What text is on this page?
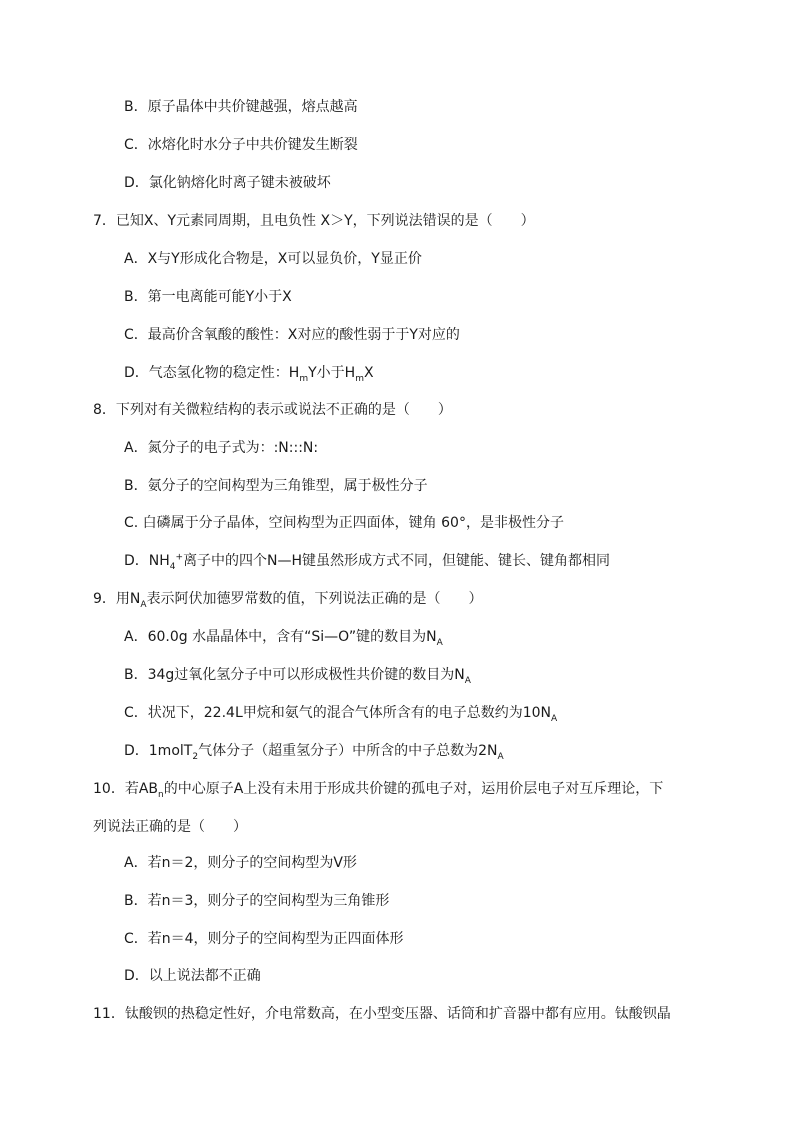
B．原子晶体中共价键越强，熔点越高
C．冰熔化时水分子中共价键发生断裂
D．氯化钠熔化时离子键未被破坏
7．已知X、Y元素同周期，且电负性 X＞Y，下列说法错误的是（　　）
A．X与Y形成化合物是，X可以显负价，Y显正价
B．第一电离能可能Y小于X
C．最高价含氧酸的酸性：X对应的酸性弱于于Y对应的
D．气态氢化物的稳定性：$H_mY$小于$H_mX$
8．下列对有关微粒结构的表示或说法不正确的是（　　）
A．氮分子的电子式为：:N:::N:
B．氨分子的空间构型为三角锥型，属于极性分子
C. 白磷属于分子晶体，空间构型为正四面体，键角 60°，是非极性分子
D．$NH_4^+$离子中的四个N—H键虽然形成方式不同，但键能、键长、键角都相同
9．用$N_A$表示阿伏加德罗常数的值，下列说法正确的是（　　）
A．60.0g 水晶晶体中，含有“Si—O”键的数目为$N_A$
B．34g过氧化氢分子中可以形成极性共价键的数目为$N_A$
C．状况下，22.4L甲烷和氨气的混合气体所含有的电子总数约为$10N_A$
D．1molT$_2$气体分子（超重氢分子）中所含的中子总数为$2N_A$
10．若$AB_n$的中心原子A上没有未用于形成共价键的孤电子对，运用价层电子对互斥理论，下
列说法正确的是（　　）
A．若n＝2，则分子的空间构型为V形
B．若n＝3，则分子的空间构型为三角锥形
C．若n＝4，则分子的空间构型为正四面体形
D．以上说法都不正确
11．钛酸钡的热稳定性好，介电常数高，在小型变压器、话筒和扩音器中都有应用。钛酸钡晶
